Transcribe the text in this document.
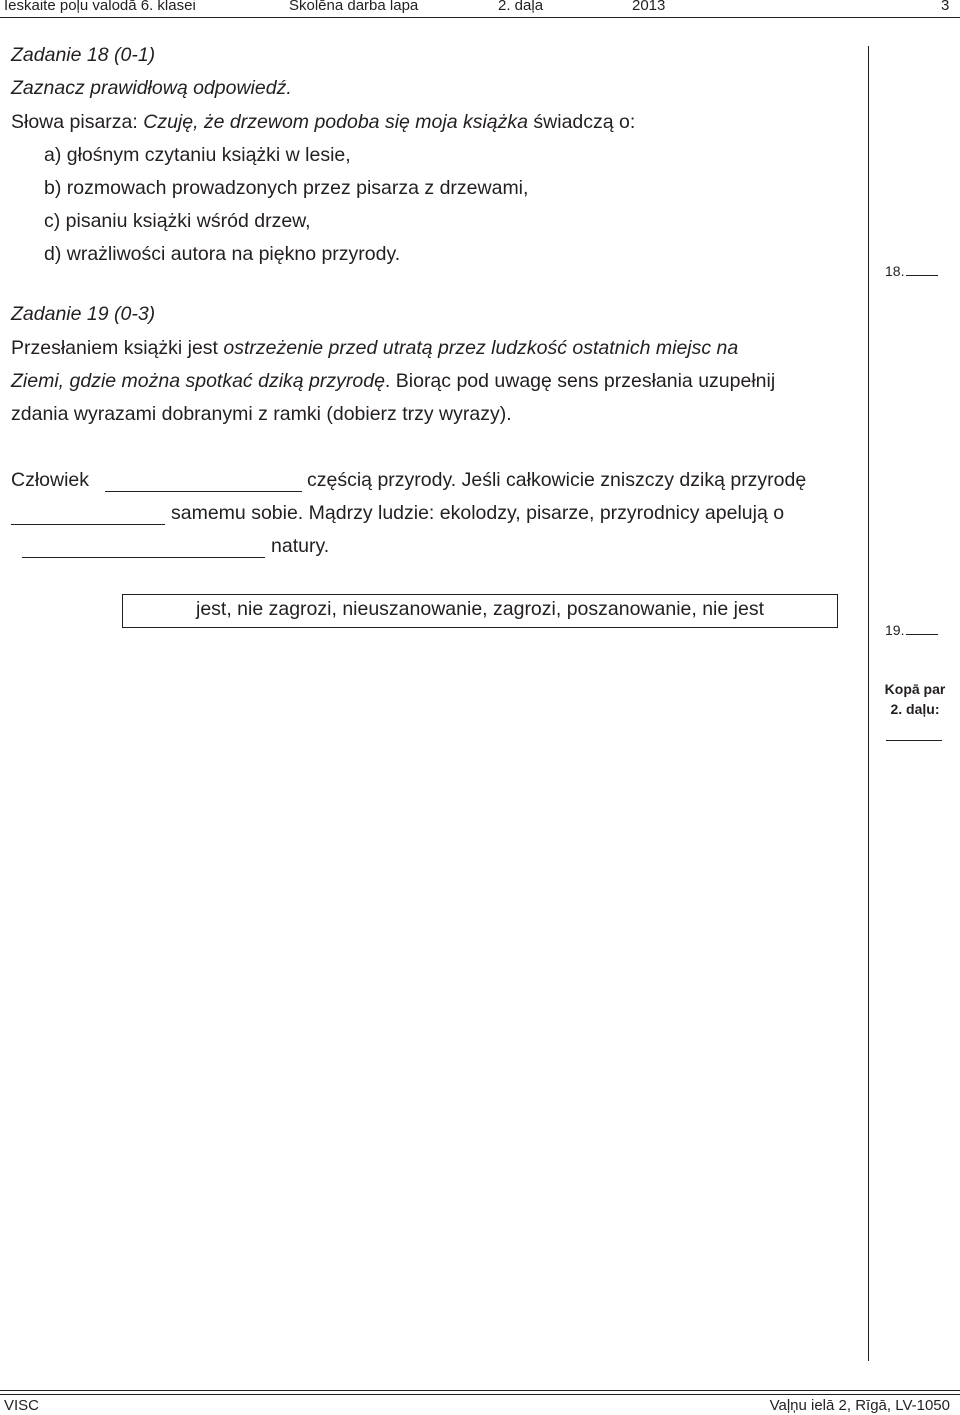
Ieskaite poļu valodā 6. klasei	Skolēna darba lapa	2. daļa	2013	3
Zadanie 18 (0-1)
Zaznacz prawidłową odpowiedź.
Słowa pisarza: Czuję, że drzewom podoba się moja książka świadczą o:
a) głośnym czytaniu książki w lesie,
b) rozmowach prowadzonych przez pisarza z drzewami,
c) pisaniu książki wśród drzew,
d) wrażliwości autora na piękno przyrody.
18.
Zadanie 19 (0-3)
Przesłaniem książki jest ostrzeżenie przed utratą przez ludzkość ostatnich miejsc na
Ziemi, gdzie można spotkać dziką przyrodę. Biorąc pod uwagę sens przesłania uzupełnij
zdania wyrazami dobranymi z ramki (dobierz trzy wyrazy).
Człowiek	częścią przyrody. Jeśli całkowicie zniszczy dziką przyrodę
samemu sobie. Mądrzy ludzie: ekolodzy, pisarze, przyrodnicy apelują o
natury.
jest, nie zagrozi, nieuszanowanie, zagrozi, poszanowanie, nie jest
19.
Kopā par
2. daļu:
VISC	Vaļņu ielā 2, Rīgā, LV-1050
